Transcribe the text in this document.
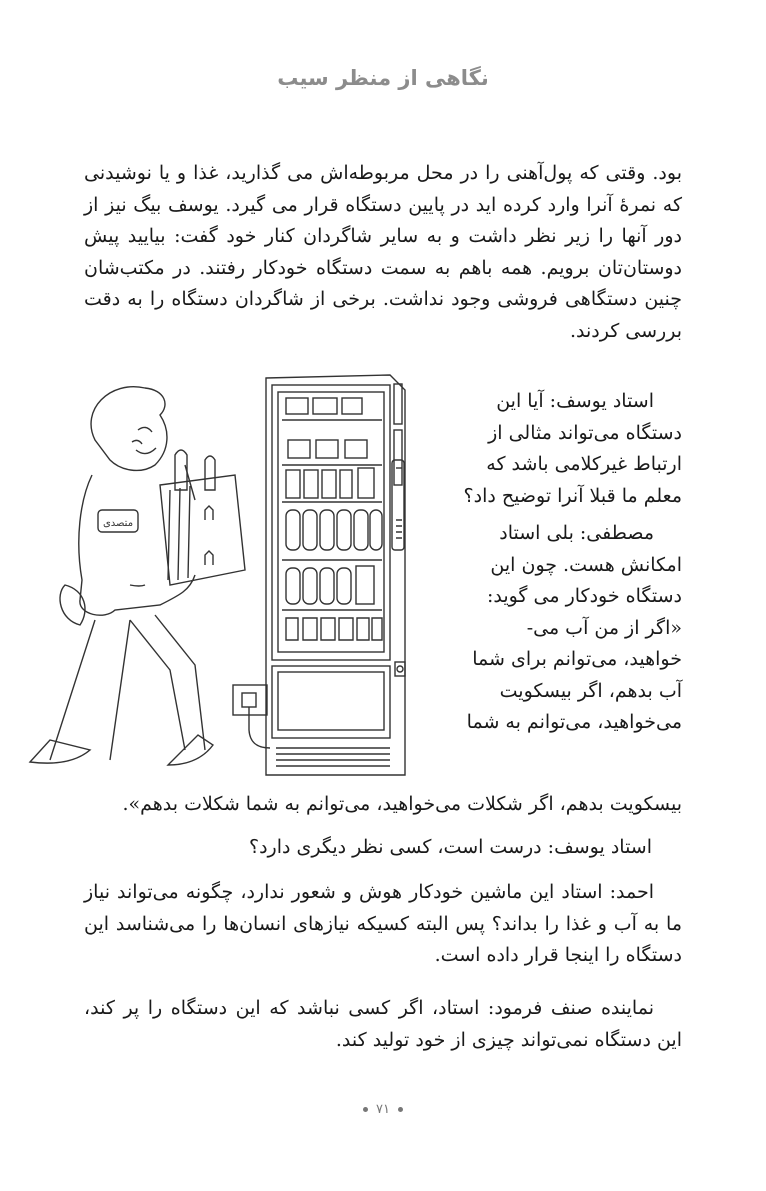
نگاهی از منظر سیب
بود. وقتی که پول‌آهنی را در محل مربوطه‌اش می گذارید، غذا و یا نوشیدنی که نمرهٔ آنرا وارد کرده اید در پایین دستگاه قرار می گیرد. یوسف بیگ نیز از دور آنها را زیر نظر داشت و به سایر شاگردان کنار خود گفت: بیایید پیش دوستان‌تان برویم. همه باهم به سمت دستگاه خودکار رفتند. در مکتب‌شان چنین دستگاهی فروشی وجود نداشت. برخی از شاگردان دستگاه را به دقت بررسی کردند.
استاد یوسف: آیا این
دستگاه می‌تواند مثالی از
ارتباط غیرکلامی باشد که
معلم ما قبلا آنرا توضیح داد؟
مصطفی: بلی استاد
امکانش هست. چون این
دستگاه خودکار می گوید:
«اگر از من آب می-
خواهید، می‌توانم برای شما
آب بدهم، اگر بیسکویت
می‌خواهید، می‌توانم به شما
متصدی
بیسکویت بدهم، اگر شکلات می‌خواهید، می‌توانم به شما شکلات بدهم».
استاد یوسف: درست است، کسی نظر دیگری دارد؟
احمد: استاد این ماشین خودکار هوش و شعور ندارد، چگونه می‌تواند نیاز ما به آب و غذا را بداند؟ پس البته کسیکه نیازهای انسان‌ها را می‌شناسد این دستگاه را اینجا قرار داده است.
نماینده صنف فرمود: استاد، اگر کسی نباشد که این دستگاه را پر کند، این دستگاه نمی‌تواند چیزی از خود تولید کند.
۷۱
